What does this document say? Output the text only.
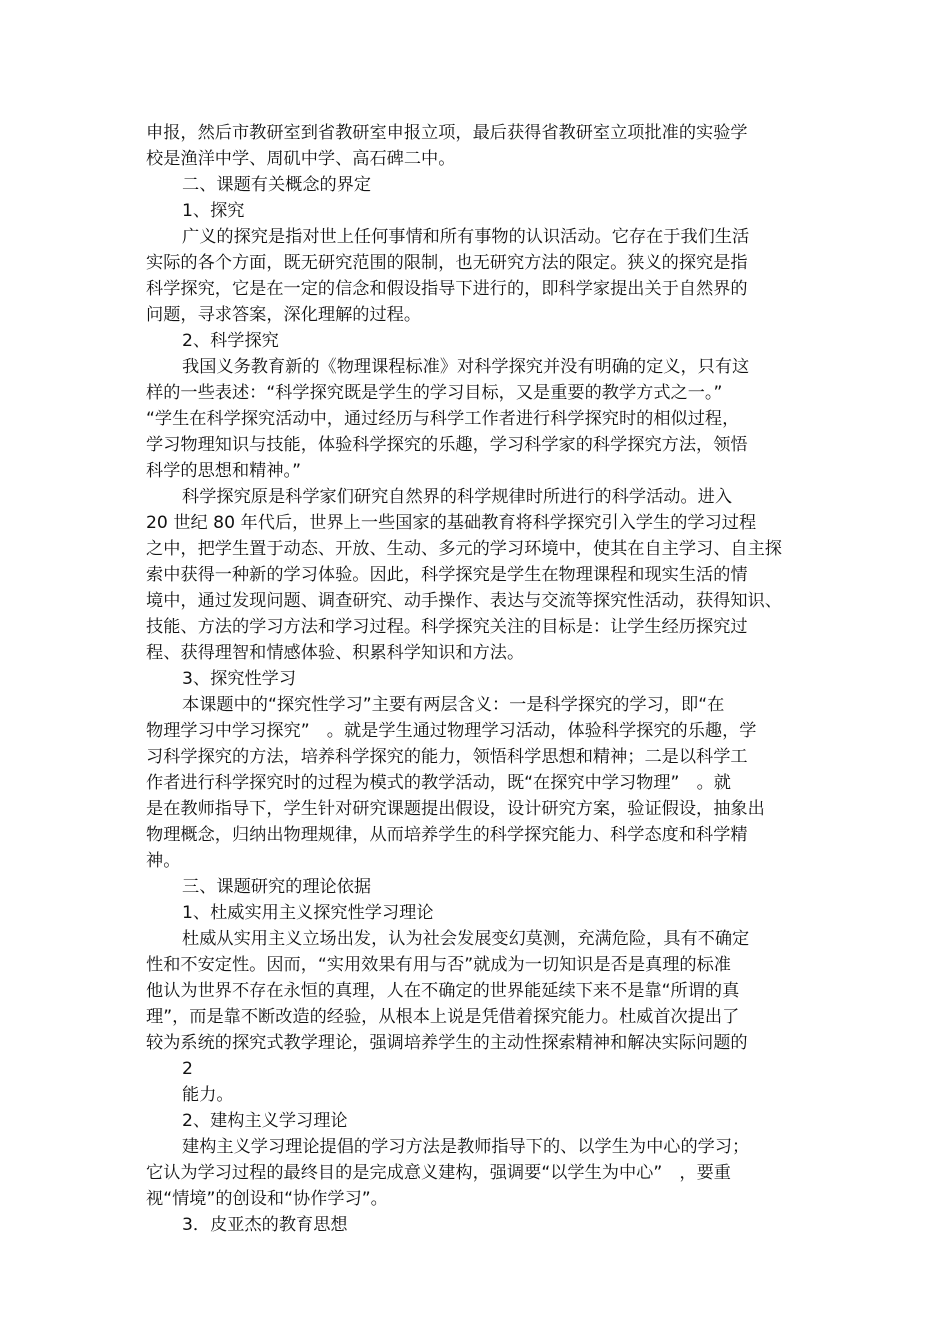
申报，然后市教研室到省教研室申报立项，最后获得省教研室立项批准的实验学
校是渔洋中学、周矶中学、高石碑二中。
二、课题有关概念的界定
1、探究
广义的探究是指对世上任何事情和所有事物的认识活动。它存在于我们生活
实际的各个方面，既无研究范围的限制，也无研究方法的限定。狭义的探究是指
科学探究，它是在一定的信念和假设指导下进行的，即科学家提出关于自然界的
问题，寻求答案，深化理解的过程。
2、科学探究
我国义务教育新的《物理课程标准》对科学探究并没有明确的定义，只有这
样的一些表述：“科学探究既是学生的学习目标，又是重要的教学方式之一。”
“学生在科学探究活动中，通过经历与科学工作者进行科学探究时的相似过程，
学习物理知识与技能，体验科学探究的乐趣，学习科学家的科学探究方法，领悟
科学的思想和精神。”
科学探究原是科学家们研究自然界的科学规律时所进行的科学活动。进入
20 世纪 80 年代后，世界上一些国家的基础教育将科学探究引入学生的学习过程
之中，把学生置于动态、开放、生动、多元的学习环境中，使其在自主学习、自主探
索中获得一种新的学习体验。因此，科学探究是学生在物理课程和现实生活的情
境中，通过发现问题、调查研究、动手操作、表达与交流等探究性活动，获得知识、
技能、方法的学习方法和学习过程。科学探究关注的目标是：让学生经历探究过
程、获得理智和情感体验、积累科学知识和方法。
3、探究性学习
本课题中的“探究性学习”主要有两层含义：一是科学探究的学习，即“在
物理学习中学习探究”　。就是学生通过物理学习活动，体验科学探究的乐趣，学
习科学探究的方法，培养科学探究的能力，领悟科学思想和精神；二是以科学工
作者进行科学探究时的过程为模式的教学活动，既“在探究中学习物理”　。就
是在教师指导下，学生针对研究课题提出假设，设计研究方案，验证假设，抽象出
物理概念，归纳出物理规律，从而培养学生的科学探究能力、科学态度和科学精
神。
三、课题研究的理论依据
1、杜威实用主义探究性学习理论
杜威从实用主义立场出发，认为社会发展变幻莫测，充满危险，具有不确定
性和不安定性。因而，“实用效果有用与否”就成为一切知识是否是真理的标准
他认为世界不存在永恒的真理，人在不确定的世界能延续下来不是靠“所谓的真
理”，而是靠不断改造的经验，从根本上说是凭借着探究能力。杜威首次提出了
较为系统的探究式教学理论，强调培养学生的主动性探索精神和解决实际问题的
2
能力。
2、建构主义学习理论
建构主义学习理论提倡的学习方法是教师指导下的、以学生为中心的学习；
它认为学习过程的最终目的是完成意义建构，强调要“以学生为中心”　，要重
视“情境”的创设和“协作学习”。
3．皮亚杰的教育思想
